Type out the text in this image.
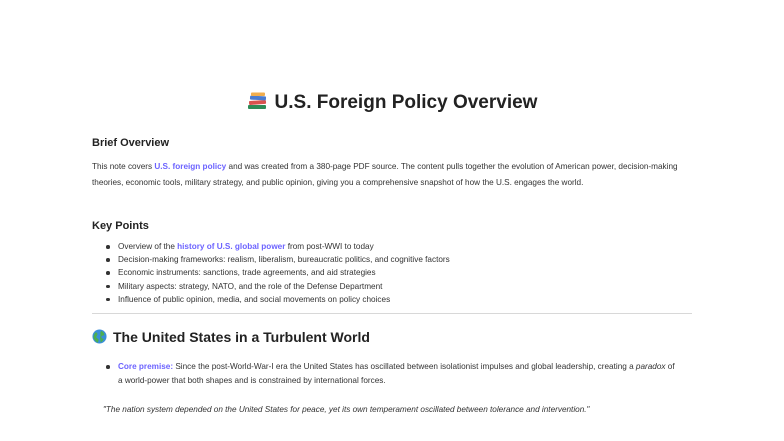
U.S. Foreign Policy Overview
Brief Overview
This note covers U.S. foreign policy and was created from a 380-page PDF source. The content pulls together the evolution of American power, decision-making theories, economic tools, military strategy, and public opinion, giving you a comprehensive snapshot of how the U.S. engages the world.
Key Points
Overview of the history of U.S. global power from post-WWI to today
Decision-making frameworks: realism, liberalism, bureaucratic politics, and cognitive factors
Economic instruments: sanctions, trade agreements, and aid strategies
Military aspects: strategy, NATO, and the role of the Defense Department
Influence of public opinion, media, and social movements on policy choices
The United States in a Turbulent World
Core premise: Since the post-World-War-I era the United States has oscillated between isolationist impulses and global leadership, creating a paradox of a world-power that both shapes and is constrained by international forces.
"The nation system depended on the United States for peace, yet its own temperament oscillated between tolerance and intervention."
